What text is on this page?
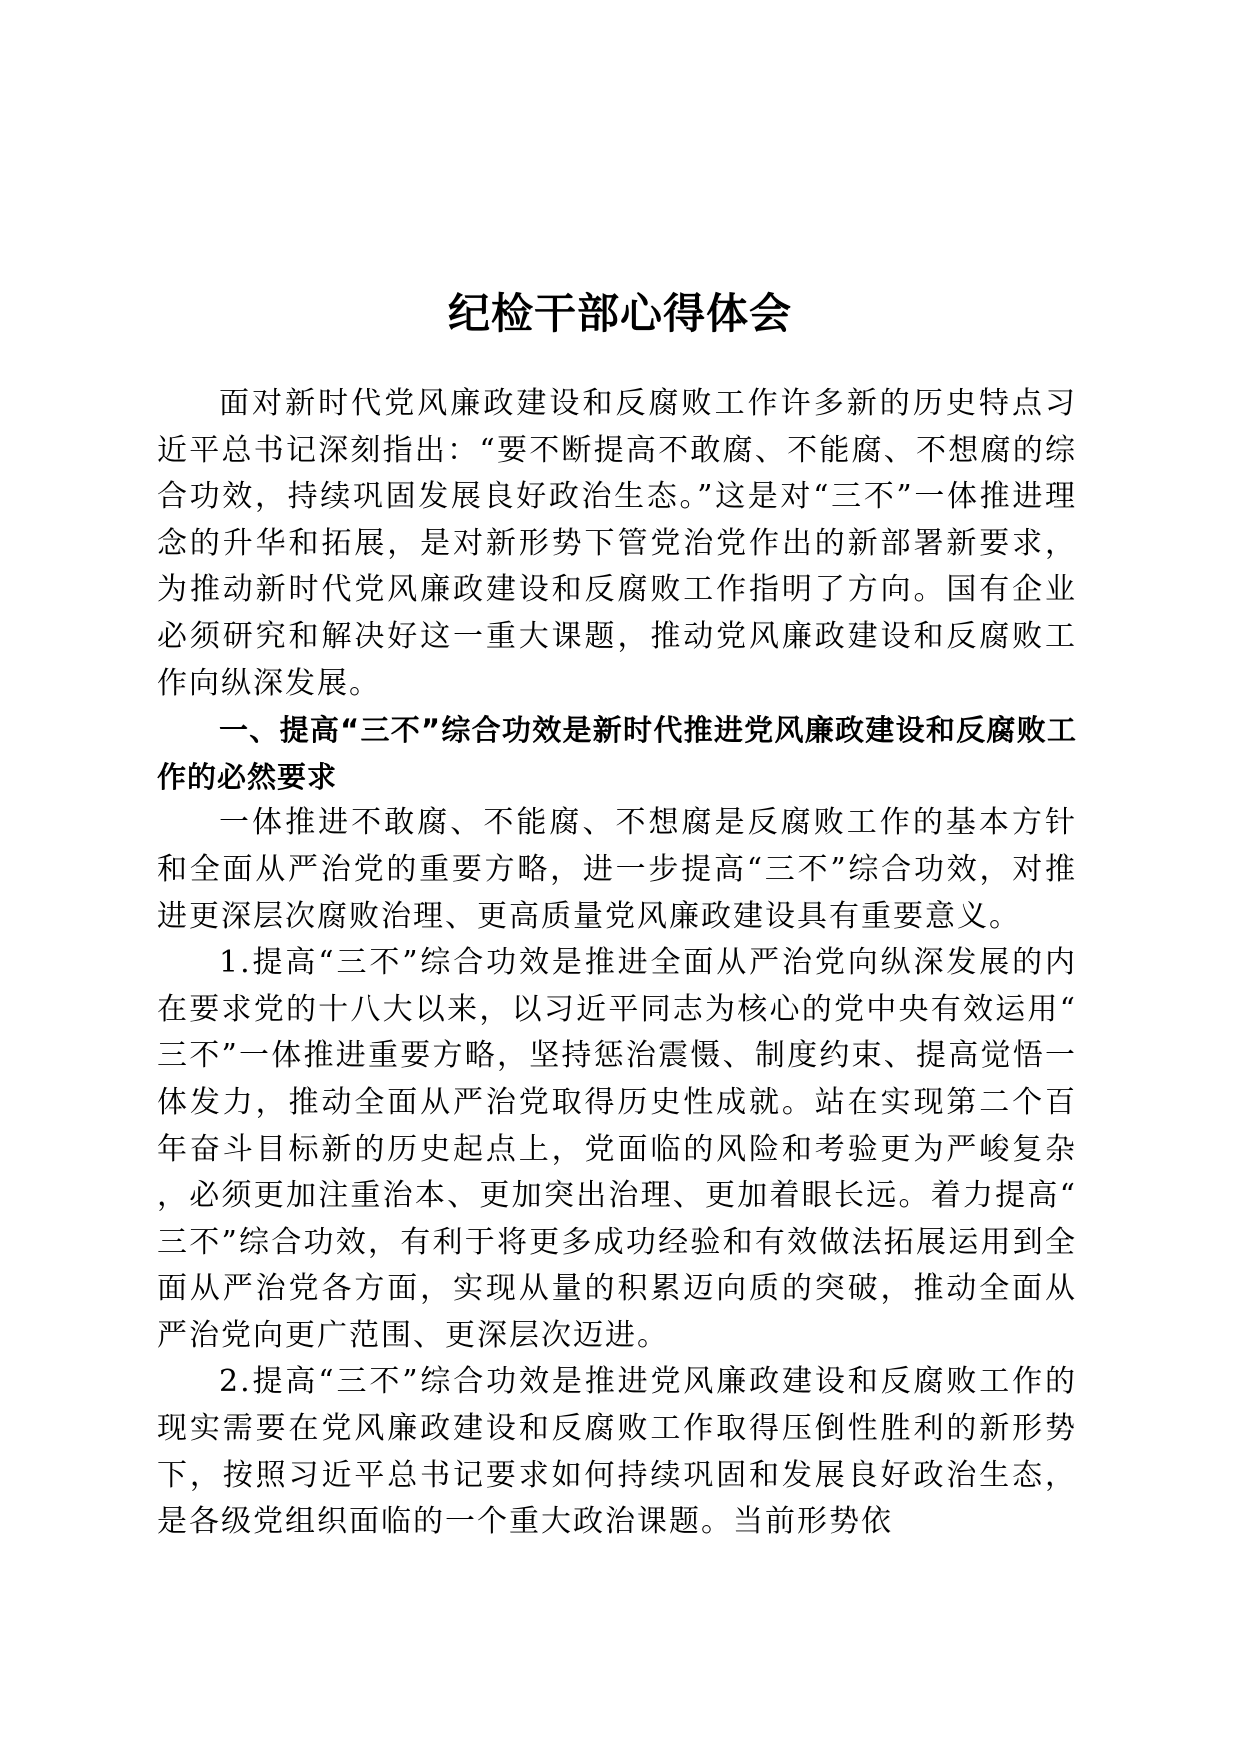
纪检干部心得体会

面对新时代党风廉政建设和反腐败工作许多新的历史特点习近平总书记深刻指出：“要不断提高不敢腐、不能腐、不想腐的综合功效，持续巩固发展良好政治生态。”这是对“三不”一体推进理念的升华和拓展，是对新形势下管党治党作出的新部署新要求，为推动新时代党风廉政建设和反腐败工作指明了方向。国有企业必须研究和解决好这一重大课题，推动党风廉政建设和反腐败工作向纵深发展。

一、提高“三不”综合功效是新时代推进党风廉政建设和反腐败工作的必然要求

一体推进不敢腐、不能腐、不想腐是反腐败工作的基本方针和全面从严治党的重要方略，进一步提高“三不”综合功效，对推进更深层次腐败治理、更高质量党风廉政建设具有重要意义。

1.提高“三不”综合功效是推进全面从严治党向纵深发展的内在要求党的十八大以来，以习近平同志为核心的党中央有效运用“三不”一体推进重要方略，坚持惩治震慑、制度约束、提高觉悟一体发力，推动全面从严治党取得历史性成就。站在实现第二个百年奋斗目标新的历史起点上，党面临的风险和考验更为严峻复杂，必须更加注重治本、更加突出治理、更加着眼长远。着力提高“三不”综合功效，有利于将更多成功经验和有效做法拓展运用到全面从严治党各方面，实现从量的积累迈向质的突破，推动全面从严治党向更广范围、更深层次迈进。

2.提高“三不”综合功效是推进党风廉政建设和反腐败工作的现实需要在党风廉政建设和反腐败工作取得压倒性胜利的新形势下，按照习近平总书记要求如何持续巩固和发展良好政治生态，是各级党组织面临的一个重大政治课题。当前形势依
